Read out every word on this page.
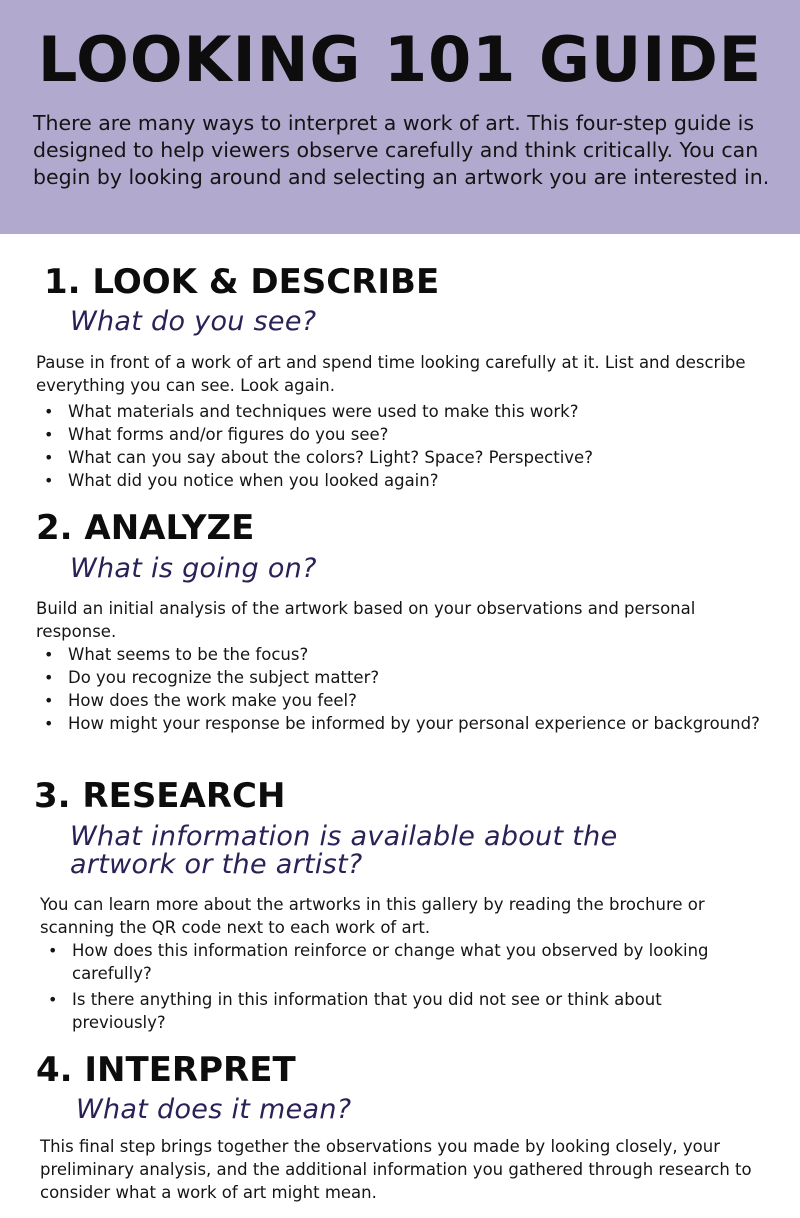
LOOKING 101 GUIDE

There are many ways to interpret a work of art. This four-step guide is designed to help viewers observe carefully and think critically. You can begin by looking around and selecting an artwork you are interested in.

1. LOOK & DESCRIBE
What do you see?

Pause in front of a work of art and spend time looking carefully at it. List and describe everything you can see. Look again.

• What materials and techniques were used to make this work?
• What forms and/or figures do you see?
• What can you say about the colors? Light? Space? Perspective?
• What did you notice when you looked again?
2. ANALYZE
What is going on?

Build an initial analysis of the artwork based on your observations and personal response.

• What seems to be the focus?
• Do you recognize the subject matter?
• How does the work make you feel?
• How might your response be informed by your personal experience or background?
3. RESEARCH
What information is available about the artwork or the artist?

You can learn more about the artworks in this gallery by reading the brochure or scanning the QR code next to each work of art.

• How does this information reinforce or change what you observed by looking carefully?
• Is there anything in this information that you did not see or think about previously?
4. INTERPRET
What does it mean?

This final step brings together the observations you made by looking closely, your preliminary analysis, and the additional information you gathered through research to consider what a work of art might mean.
